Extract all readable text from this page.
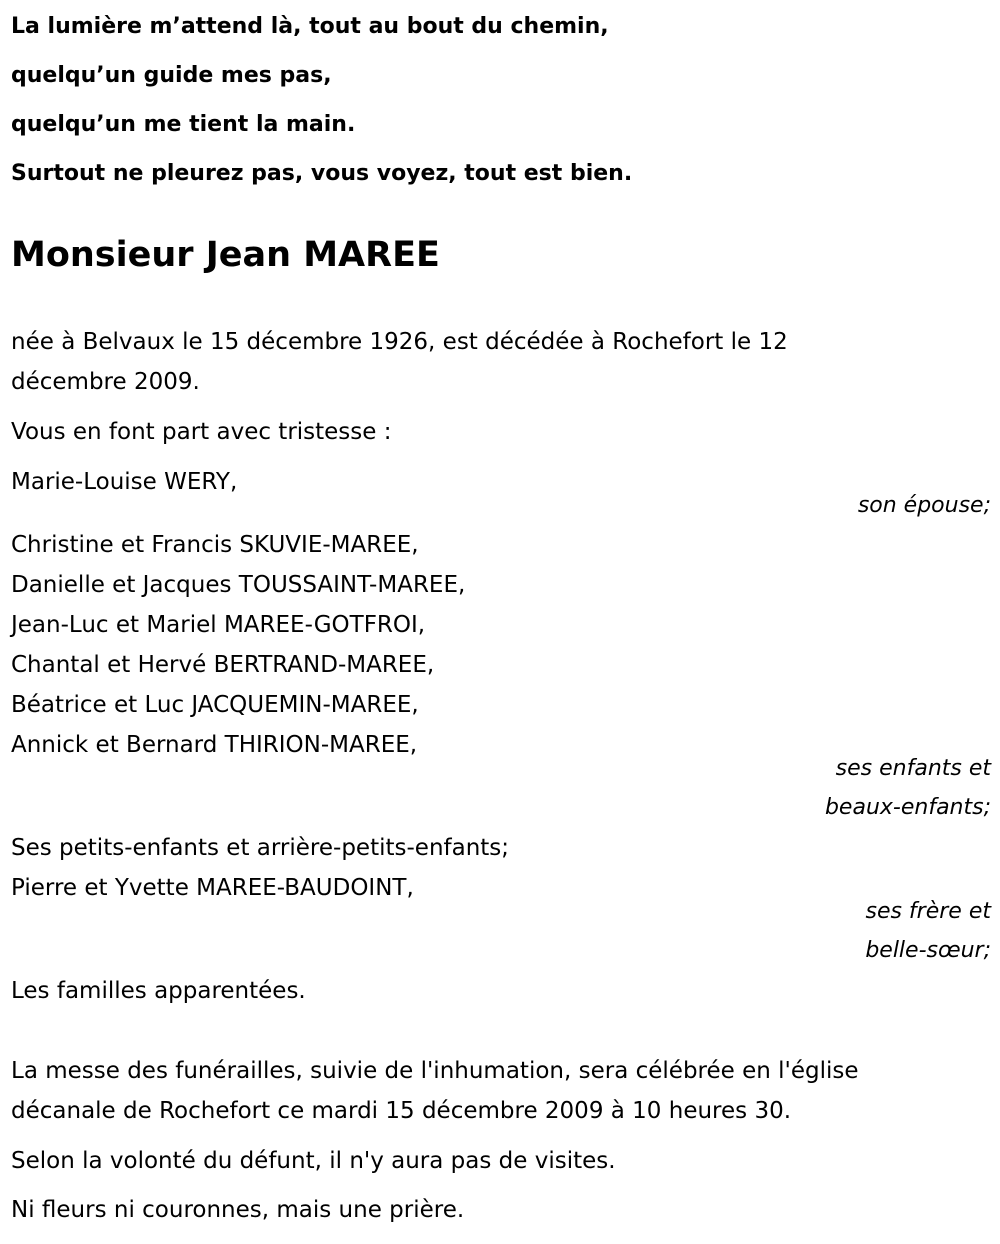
La lumière m’attend là, tout au bout du chemin,
quelqu’un guide mes pas,
quelqu’un me tient la main.
Surtout ne pleurez pas, vous voyez, tout est bien.
Monsieur Jean MAREE
née à Belvaux le 15 décembre 1926, est décédée à Rochefort le 12
décembre 2009.
Vous en font part avec tristesse :
Marie-Louise WERY,
son épouse;
Christine et Francis SKUVIE-MAREE,
Danielle et Jacques TOUSSAINT-MAREE,
Jean-Luc et Mariel MAREE-GOTFROI,
Chantal et Hervé BERTRAND-MAREE,
Béatrice et Luc JACQUEMIN-MAREE,
Annick et Bernard THIRION-MAREE,
ses enfants et
beaux-enfants;
Ses petits-enfants et arrière-petits-enfants;
Pierre et Yvette MAREE-BAUDOINT,
ses frère et
belle-sœur;
Les familles apparentées.
La messe des funérailles, suivie de l'inhumation, sera célébrée en l'église
décanale de Rochefort ce mardi 15 décembre 2009 à 10 heures 30.
Selon la volonté du défunt, il n'y aura pas de visites.
Ni fleurs ni couronnes, mais une prière.
